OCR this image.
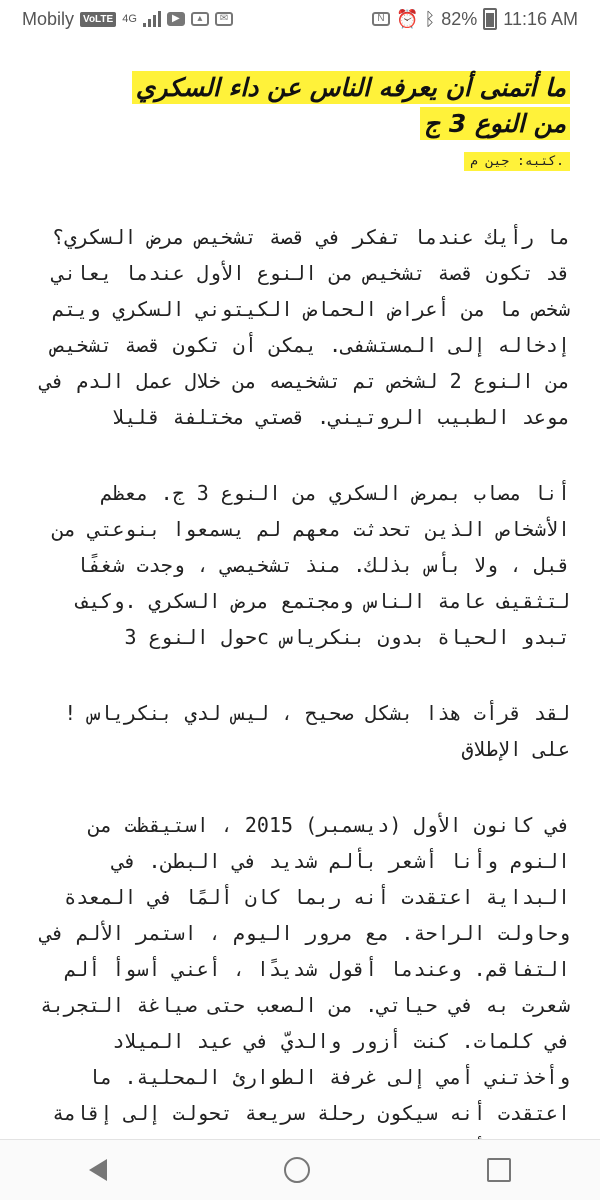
Mobily VoLTE 4G	▶	▴	✉	N ⏰ ᛒ 82% 11:16 AM
ما أتمنى أن يعرفه الناس عن داء السكري
من النوع 3 ج
.كتبه: جين م

ما رأيك عندما تفكر في قصة تشخيص مرض السكري؟ قد تكون قصة تشخيص من النوع الأول عندما يعاني شخص ما من أعراض الحماض الكيتوني السكري ويتم إدخاله إلى المستشفى. يمكن أن تكون قصة تشخيص من النوع 2 لشخص تم تشخيصه من خلال عمل الدم في موعد الطبيب الروتيني. قصتي مختلفة قليلا

أنا مصاب بمرض السكري من النوع 3 ج. معظم الأشخاص الذين تحدثت معهم لم يسمعوا بنوعتي من قبل ، ولا بأس بذلك. منذ تشخيصي ، وجدت شغفًا لتثقيف عامة الناس ومجتمع مرض السكري .وكيف تبدو الحياة بدون بنكرياس cحول النوع 3

لقد قرأت هذا بشكل صحيح ، ليس لدي بنكرياس !على الإطلاق

في كانون الأول (ديسمبر) 2015 ، استيقظت من النوم وأنا أشعر بألم شديد في البطن. في البداية اعتقدت أنه ربما كان ألمًا في المعدة وحاولت الراحة. مع مرور اليوم ، استمر الألم في التفاقم. وعندما أقول شديدًا ، أعني أسوأ ألم شعرت به في حياتي. من الصعب حتى صياغة التجربة في كلمات. كنت أزور والديّ في عيد الميلاد وأخذتني أمي إلى غرفة الطوارئ المحلية. ما اعتقدت أنه سيكون رحلة سريعة تحولت إلى إقامة
